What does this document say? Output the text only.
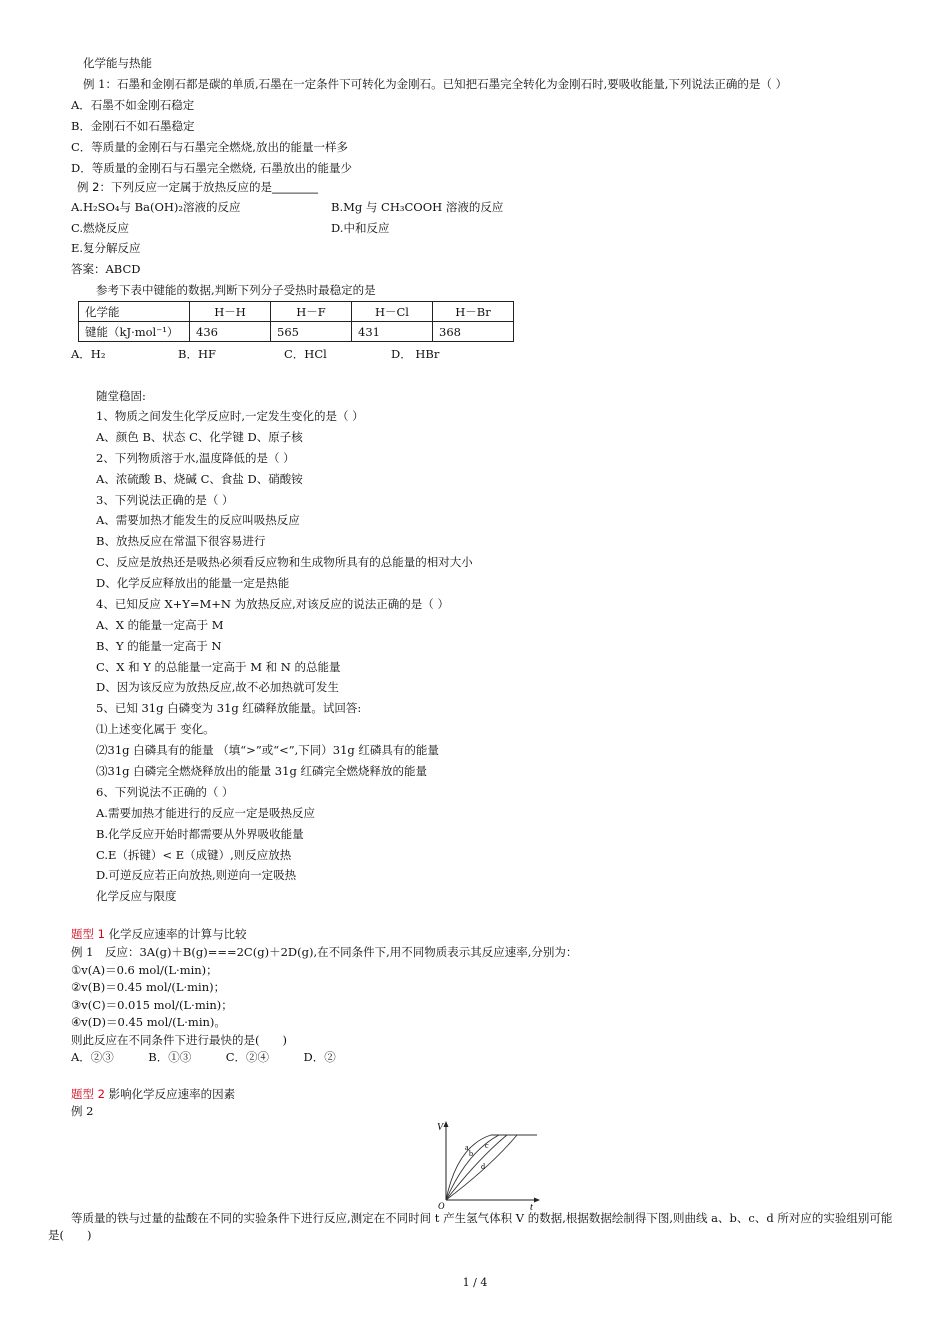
化学能与热能
例 1：石墨和金刚石都是碳的单质,石墨在一定条件下可转化为金刚石。已知把石墨完全转化为金刚石时,要吸收能量,下列说法正确的是（ ）
A．石墨不如金刚石稳定
B．金刚石不如石墨稳定
C．等质量的金刚石与石墨完全燃烧,放出的能量一样多
D．等质量的金刚石与石墨完全燃烧, 石墨放出的能量少
例 2：下列反应一定属于放热反应的是________
A.H₂SO₄与 Ba(OH)₂溶液的反应	B.Mg 与 CH₃COOH 溶液的反应
C.燃烧反应	D.中和反应
E.复分解反应
答案：ABCD
参考下表中键能的数据,判断下列分子受热时最稳定的是
化学能	H－H	H－F	H－Cl	H－Br
键能（kJ·mol⁻¹）	436	565	431	368
A．H₂	B．HF	C．HCl	D． HBr
随堂稳固:
1、物质之间发生化学反应时,一定发生变化的是（ ）
A、颜色 B、状态 C、化学键 D、原子核
2、下列物质溶于水,温度降低的是（ ）
A、浓硫酸 B、烧碱 C、食盐 D、硝酸铵
3、下列说法正确的是（ ）
A、需要加热才能发生的反应叫吸热反应
B、放热反应在常温下很容易进行
C、反应是放热还是吸热必须看反应物和生成物所具有的总能量的相对大小
D、化学反应释放出的能量一定是热能
4、已知反应 X+Y=M+N 为放热反应,对该反应的说法正确的是（ ）
A、X 的能量一定高于 M
B、Y 的能量一定高于 N
C、X 和 Y 的总能量一定高于 M 和 N 的总能量
D、因为该反应为放热反应,故不必加热就可发生
5、已知 31g 白磷变为 31g 红磷释放能量。试回答:
⑴上述变化属于 变化。
⑵31g 白磷具有的能量 （填“>”或“<”,下同）31g 红磷具有的能量
⑶31g 白磷完全燃烧释放出的能量 31g 红磷完全燃烧释放的能量
6、下列说法不正确的（ ）
A.需要加热才能进行的反应一定是吸热反应
B.化学反应开始时都需要从外界吸收能量
C.E（拆键）< E（成键）,则反应放热
D.可逆反应若正向放热,则逆向一定吸热
化学反应与限度
题型 1 化学反应速率的计算与比较
例 1　反应：3A(g)＋B(g)===2C(g)＋2D(g),在不同条件下,用不同物质表示其反应速率,分别为：
①v(A)＝0.6 mol/(L·min)；
②v(B)＝0.45 mol/(L·min)；
③v(C)＝0.015 mol/(L·min)；
④v(D)＝0.45 mol/(L·min)。
则此反应在不同条件下进行最快的是(　　)
A．②③　　　B．①③　　　C．②④　　　D．②
题型 2 影响化学反应速率的因素
例 2
V
t
O
a
b
c
d
等质量的铁与过量的盐酸在不同的实验条件下进行反应,测定在不同时间 t 产生氢气体积 V 的数据,根据数据绘制得下图,则曲线 a、b、c、d 所对应的实验组别可能
是(　　)
1 / 4
